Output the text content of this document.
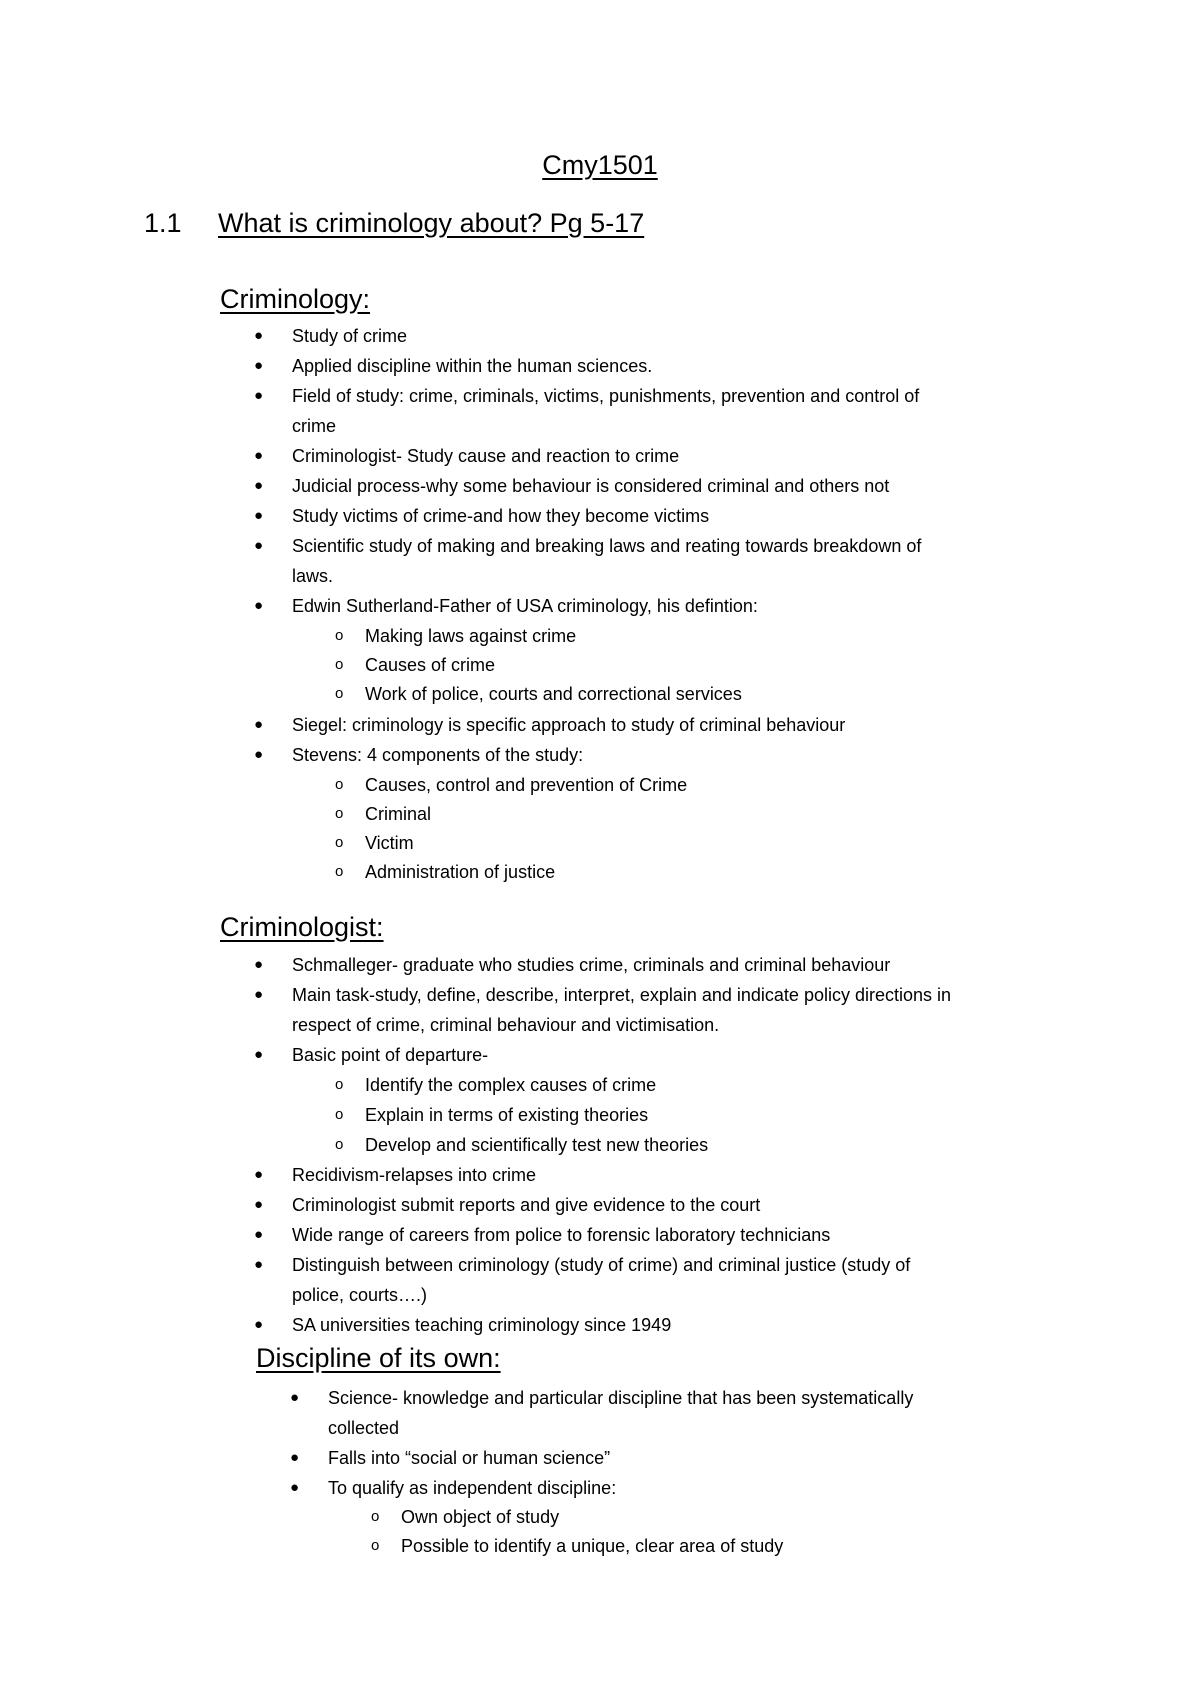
Cmy1501
1.1 What is criminology about? Pg 5-17
Criminology:
● Study of crime
● Applied discipline within the human sciences.
● Field of study: crime, criminals, victims, punishments, prevention and control of
crime
● Criminologist- Study cause and reaction to crime
● Judicial process-why some behaviour is considered criminal and others not
● Study victims of crime-and how they become victims
● Scientific study of making and breaking laws and reating towards breakdown of
laws.
● Edwin Sutherland-Father of USA criminology, his defintion:
o Making laws against crime
o Causes of crime
o Work of police, courts and correctional services
● Siegel: criminology is specific approach to study of criminal behaviour
● Stevens: 4 components of the study:
o Causes, control and prevention of Crime
o Criminal
o Victim
o Administration of justice
Criminologist:
● Schmalleger- graduate who studies crime, criminals and criminal behaviour
● Main task-study, define, describe, interpret, explain and indicate policy directions in
respect of crime, criminal behaviour and victimisation.
● Basic point of departure-
o Identify the complex causes of crime
o Explain in terms of existing theories
o Develop and scientifically test new theories
● Recidivism-relapses into crime
● Criminologist submit reports and give evidence to the court
● Wide range of careers from police to forensic laboratory technicians
● Distinguish between criminology (study of crime) and criminal justice (study of
police, courts….)
● SA universities teaching criminology since 1949
Discipline of its own:
● Science- knowledge and particular discipline that has been systematically
collected
● Falls into “social or human science”
● To qualify as independent discipline:
o Own object of study
o Possible to identify a unique, clear area of study
